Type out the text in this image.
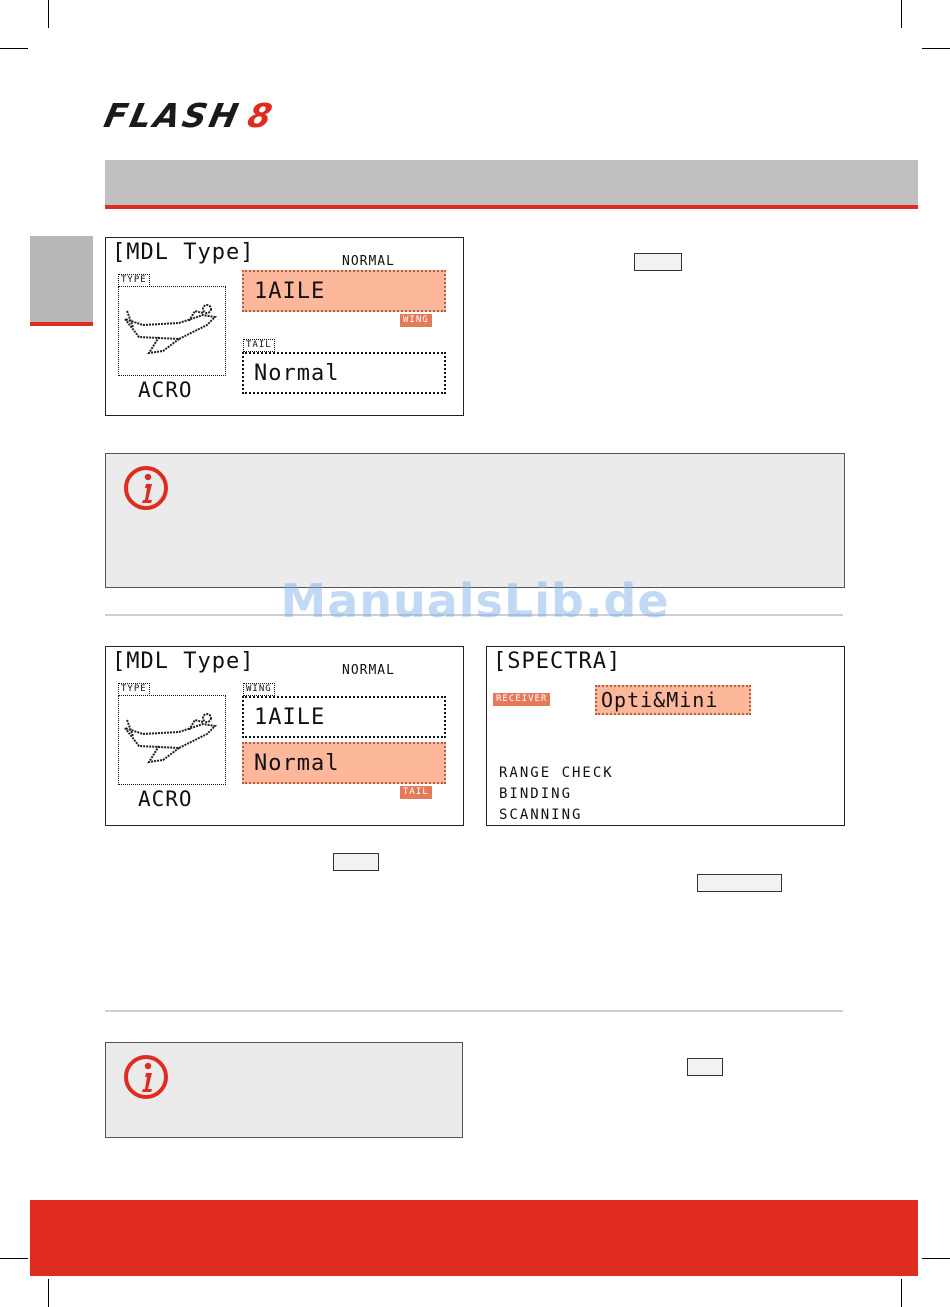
FLASH8
[MDL Type]	NORMAL
TYPE
ACRO
1AILE
WING
TAIL
Normal
ManualsLib.de
[MDL Type]	NORMAL
TYPE
ACRO
WING
1AILE
Normal
TAIL
[SPECTRA]
RECEIVER	Opti&Mini
RANGE CHECK
BINDING
SCANNING
